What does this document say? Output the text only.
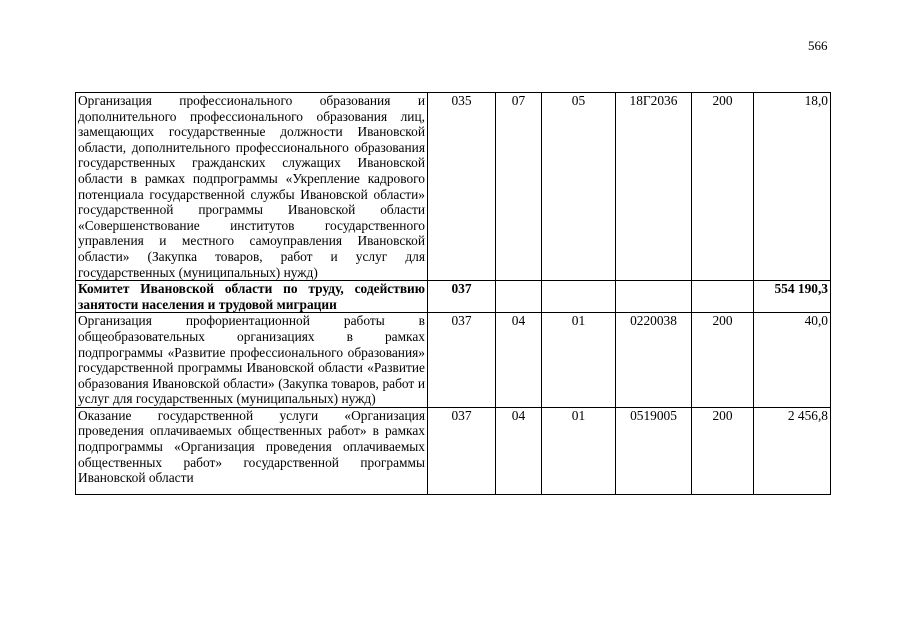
566
Организация профессионального образования и дополнительного профессионального образования лиц, замещающих государственные должности Ивановской области, дополнительного профессионального образования государственных гражданских служащих Ивановской области в рамках подпрограммы «Укрепление кадрового потенциала государственной службы Ивановской области» государственной программы Ивановской области «Совершенствование институтов государственного управления и местного самоуправления Ивановской области» (Закупка товаров, работ и услуг для государственных (муниципальных) нужд)	035	07	05	18Г2036	200	18,0
Комитет Ивановской области по труду, содействию занятости населения и трудовой миграции	037					554 190,3
Организация профориентационной работы в общеобразовательных организациях в рамках подпрограммы «Развитие профессионального образования» государственной программы Ивановской области «Развитие образования Ивановской области» (Закупка товаров, работ и услуг для государственных (муниципальных) нужд)	037	04	01	0220038	200	40,0

Оказание государственной услуги «Организация проведения оплачиваемых общественных работ» в рамках подпрограммы «Организация проведения оплачиваемых общественных работ» государственной программы Ивановской области	037	04	01	0519005	200	2 456,8
